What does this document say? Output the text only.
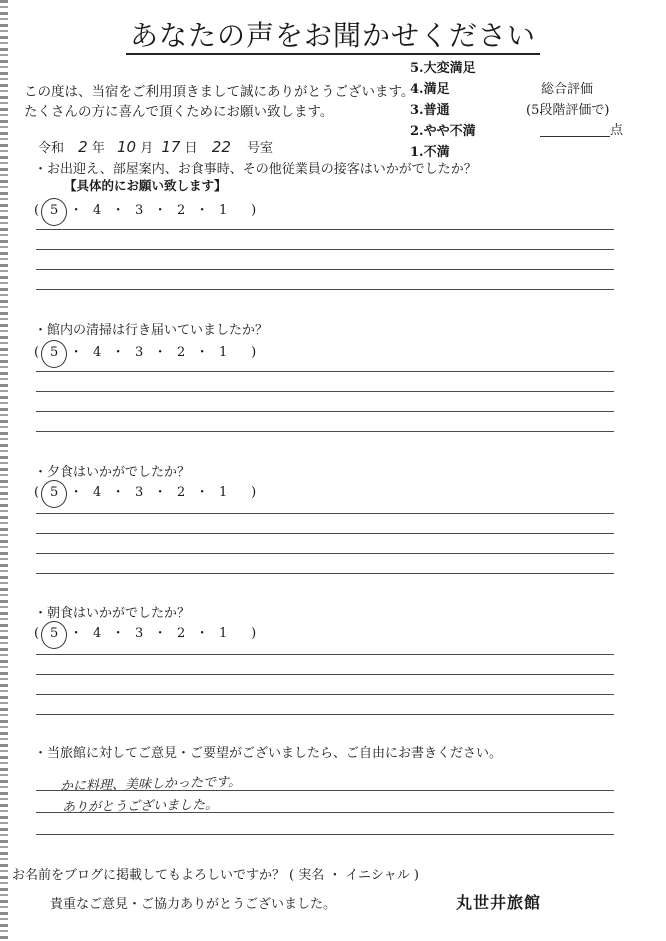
あなたの声をお聞かせください
この度は、当宿をご利用頂きまして誠にありがとうございます。
たくさんの方に喜んで頂くためにお願い致します。
5.大変満足
4.満足
3.普通
2.やや不満
1.不満
総合評価
(5段階評価で)
点
令和 2 年 10 月 17 日 22 号室
・お出迎え、部屋案内、お食事時、その他従業員の接客はいかがでしたか？
【具体的にお願い致します】
( 5 ・ 4 ・ 3 ・ 2 ・ 1 )
・館内の清掃は行き届いていましたか？
( 5 ・ 4 ・ 3 ・ 2 ・ 1 )
・夕食はいかがでしたか？
( 5 ・ 4 ・ 3 ・ 2 ・ 1 )
・朝食はいかがでしたか？
( 5 ・ 4 ・ 3 ・ 2 ・ 1 )
・当旅館に対してご意見・ご要望がございましたら、ご自由にお書きください。
かに料理、美味しかったです。
ありがとうございました。
お名前をブログに掲載してもよろしいですか？ ( 実名 ・ イニシャル )
貴重なご意見・ご協力ありがとうございました。	丸世井旅館
